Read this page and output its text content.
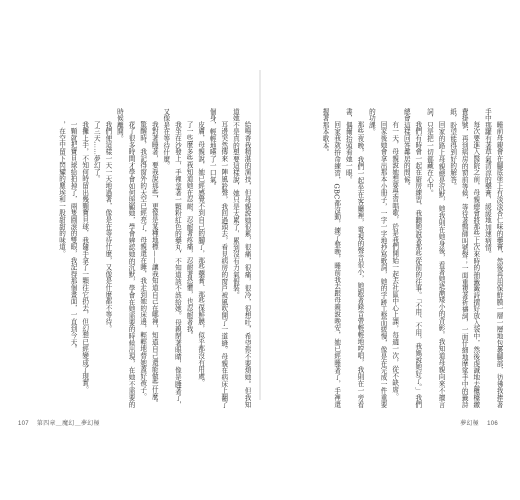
睡前母親會在腳底塗上有淡淡杏仁味的藥膏，然後再用保鮮膜一層一層地包裹腳部，彷彿我捧著手中那罐有著草氣清涼的藥膏，緩緩地加速病情。

每次要進入醫院之前，母親總會將那些上次來時的抽籤籤詩摺好放入袋中，然後虔誠地去櫃檯繳費掛號，再到病房的窗前等候，等待著醫師叫號聲；一面重複著祈禱詞，一面仔細地摩挲手中的籤詩紙，盼望能得到好的解答。

回家的路上母親總是沉默，她我則在她身後，看著她逐漸矮小的背影。我知道母親向來不擅言詞，只是把一切都藏在心中。

我們有時會一起在廚房練習，我聽她說著那些從前的往事。「不用、不用，我媽說她好了。」我們總會這樣回答鄰居的問候。

有一天，母親說她想要學習唱歌，於是我們開始一起去社區中心上課，每週一次，從不缺席。

回家後她會拿出那本小冊子，一字一字地抄寫歌詞，她的字跡工整而緩慢，像是在完成一件重要的功課。

那些夜晚，我們一起坐在客廳裡，電視的聲音很小，她跟著錄音帶輕輕地哼唱，我則在一旁看書，偶爾抬頭看她一眼。

回家我就拚命練習，GBC都沒動，練了整晚，睡前我去跟母親說晚安，她已經睡著了，手裡還握著那本歌本。

給鳴香我精湛的演技，但母親說她很累，很痛，很痛，很冷，很想吐，希望你不要煩她。但我知道她不是真的想要這樣說，她只是太累了，累到沒有力氣假裝。

耳邊突然傳來一陣風鈴聲，我回過頭去，看見病房的窗戶被風吹開了一道縫。母親在病床上翻了個身，輕輕地嘆了一口氣。

皮膚，母親說，她已經感覺不到自己的腳了，那些藥膏、那些保鮮膜，似乎都沒有用處。

了一些麼多些我知道她在忍耐，忍耐著疼痛，忍耐著恐懼，也忍耐著我。

我坐在沙發上，手裡拿著一顆粉紅色的藥丸，不知道該不該給她。母親閉著眼睛，像是睡著了，又像是在等待什麼。

我對著睡著，要我說那些，更像是某種地標——讓我知道自己在哪裡，知道自己還能做些什麼。

驚醒時，我記得窗外的天空已經亮了，母親還在睡，我走到她的床邊，輕輕地替她蓋好被子。

花了很多時間才學會如何照顧她，學會辨認她的沉默，學會在她需要的時候出現，在她不需要的時候離開。

我們便這樣一天一天地過著，像是在等待什麼，又像是什麼都不等待。

了三天……夢幻了。

我攤上手，不知何時留出幾顆寶貝球，我隨手拿了一顆往它扔去，但幻想已經變成了現實。

一顆就把寶貝球給拍掉了，兩隻圓滾的雙眼，我記得那個畫面，一直到今天。

，在空中留下閃耀的塵埃和一股甜甜的味道。

107 第四章＿魔幻＿夢幻極	夢幻極 106
